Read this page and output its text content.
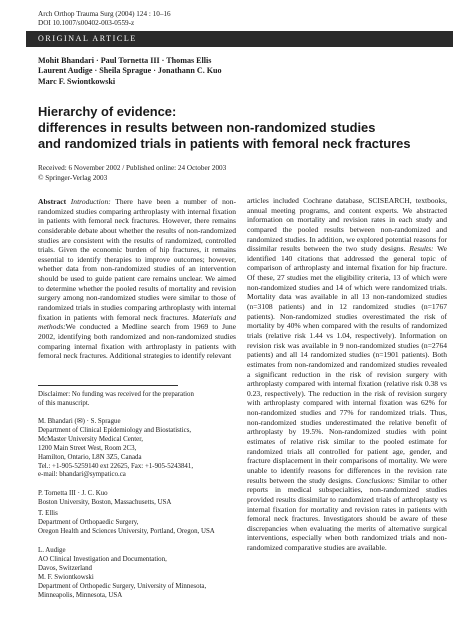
Arch Orthop Trauma Surg (2004) 124 : 10–16
DOI 10.1007/s00402-003-0559-z
ORIGINAL ARTICLE
Mohit Bhandari · Paul Tornetta III · Thomas Ellis
Laurent Audige · Sheila Sprague · Jonathann C. Kuo
Marc F. Swiontkowski
Hierarchy of evidence:
differences in results between non-randomized studies
and randomized trials in patients with femoral neck fractures
Received: 6 November 2002 / Published online: 24 October 2003
© Springer-Verlag 2003

Abstract Introduction: There have been a number of non-randomized studies comparing arthroplasty with internal fixation in patients with femoral neck fractures. However, there remains considerable debate about whether the results of non-randomized studies are consistent with the results of randomized, controlled trials. Given the economic burden of hip fractures, it remains essential to identify therapies to improve outcomes; however, whether data from non-randomized studies of an intervention should be used to guide patient care remains unclear. We aimed to determine whether the pooled results of mortality and revision surgery among non-randomized studies were similar to those of randomized trials in studies comparing arthroplasty with internal fixation in patients with femoral neck fractures. Materials and methods:We conducted a Medline search from 1969 to June 2002, identifying both randomized and non-randomized studies comparing internal fixation with arthroplasty in patients with femoral neck fractures. Additional strategies to identify relevant

articles included Cochrane database, SCISEARCH, textbooks, annual meeting programs, and content experts. We abstracted information on mortality and revision rates in each study and compared the pooled results between non-randomized and randomized studies. In addition, we explored potential reasons for dissimilar results between the two study designs. Results: We identified 140 citations that addressed the general topic of comparison of arthroplasty and internal fixation for hip fracture. Of these, 27 studies met the eligibility criteria, 13 of which were non-randomized studies and 14 of which were randomized trials. Mortality data was available in all 13 non-randomized studies (n=3108 patients) and in 12 randomized studies (n=1767 patients). Non-randomized studies overestimated the risk of mortality by 40% when compared with the results of randomized trials (relative risk 1.44 vs 1.04, respectively). Information on revision risk was available in 9 non-randomized studies (n=2764 patients) and all 14 randomized studies (n=1901 patients). Both estimates from non-randomized and randomized studies revealed a significant reduction in the risk of revision surgery with arthroplasty compared with internal fixation (relative risk 0.38 vs 0.23, respectively). The reduction in the risk of revision surgery with arthroplasty compared with internal fixation was 62% for non-randomized studies and 77% for randomized trials. Thus, non-randomized studies underestimated the relative benefit of arthroplasty by 19.5%. Non-randomized studies with point estimates of relative risk similar to the pooled estimate for randomized trials all controlled for patient age, gender, and fracture displacement in their comparisons of mortality. We were unable to identify reasons for differences in the revision rate results between the study designs. Conclusions: Similar to other reports in medical subspecialties, non-randomized studies provided results dissimilar to randomized trials of arthroplasty vs internal fixation for mortality and revision rates in patients with femoral neck fractures. Investigators should be aware of these discrepancies when evaluating the merits of alternative surgical interventions, especially when both randomized trials and non-randomized comparative studies are available.

Disclaimer: No funding was received for the preparation
of this manuscript.
M. Bhandari (✉) · S. Sprague
Department of Clinical Epidemiology and Biostatistics,
McMaster University Medical Center,
1200 Main Street West, Room 2C3,
Hamilton, Ontario, L8N 3Z5, Canada
Tel.: +1-905-5259140 ext 22625, Fax: +1-905-5243841,
e-mail: bhandari@sympatico.ca
P. Tornetta III · J. C. Kuo
Boston University, Boston, Massachusetts, USA
T. Ellis
Department of Orthopaedic Surgery,
Oregon Health and Sciences University, Portland, Oregon, USA
L. Audige
AO Clinical Investigation and Documentation,
Davos, Switzerland
M. F. Swiontkowski
Department of Orthopedic Surgery, University of Minnesota,
Minneapolis, Minnesota, USA
